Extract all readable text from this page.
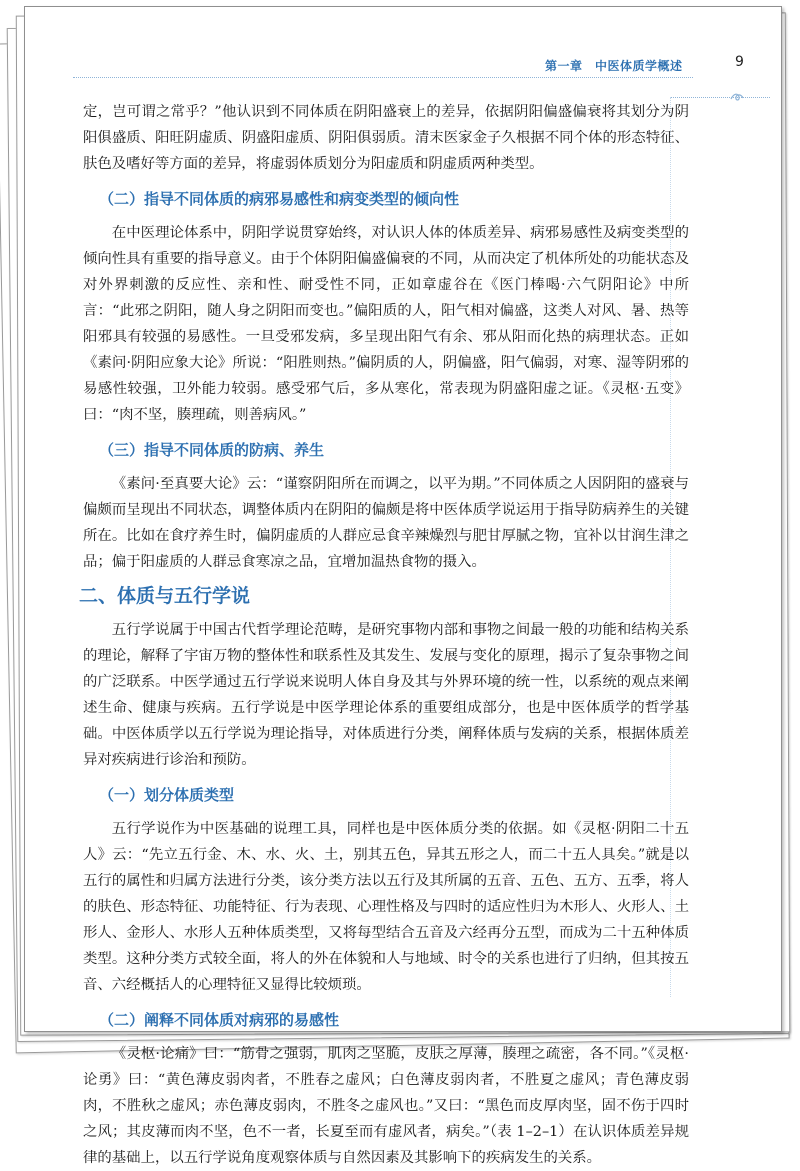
第一章　中医体质学概述	9

定，岂可谓之常乎？”他认识到不同体质在阴阳盛衰上的差异，依据阴阳偏盛偏衰将其划分为阴阳俱盛质、阳旺阴虚质、阴盛阳虚质、阴阳俱弱质。清末医家金子久根据不同个体的形态特征、肤色及嗜好等方面的差异，将虚弱体质划分为阳虚质和阴虚质两种类型。

（二）指导不同体质的病邪易感性和病变类型的倾向性

在中医理论体系中，阴阳学说贯穿始终，对认识人体的体质差异、病邪易感性及病变类型的倾向性具有重要的指导意义。由于个体阴阳偏盛偏衰的不同，从而决定了机体所处的功能状态及对外界刺激的反应性、亲和性、耐受性不同，正如章虚谷在《医门棒喝·六气阴阳论》中所言：“此邪之阴阳，随人身之阴阳而变也。”偏阳质的人，阳气相对偏盛，这类人对风、暑、热等阳邪具有较强的易感性。一旦受邪发病，多呈现出阳气有余、邪从阳而化热的病理状态。正如《素问·阴阳应象大论》所说：“阳胜则热。”偏阴质的人，阴偏盛，阳气偏弱，对寒、湿等阴邪的易感性较强，卫外能力较弱。感受邪气后，多从寒化，常表现为阴盛阳虚之证。《灵枢·五变》曰：“肉不坚，腠理疏，则善病风。”

（三）指导不同体质的防病、养生

《素问·至真要大论》云：“谨察阴阳所在而调之，以平为期。”不同体质之人因阴阳的盛衰与偏颇而呈现出不同状态，调整体质内在阴阳的偏颇是将中医体质学说运用于指导防病养生的关键所在。比如在食疗养生时，偏阴虚质的人群应忌食辛辣燥烈与肥甘厚腻之物，宜补以甘润生津之品；偏于阳虚质的人群忌食寒凉之品，宜增加温热食物的摄入。

二、体质与五行学说

五行学说属于中国古代哲学理论范畴，是研究事物内部和事物之间最一般的功能和结构关系的理论，解释了宇宙万物的整体性和联系性及其发生、发展与变化的原理，揭示了复杂事物之间的广泛联系。中医学通过五行学说来说明人体自身及其与外界环境的统一性，以系统的观点来阐述生命、健康与疾病。五行学说是中医学理论体系的重要组成部分，也是中医体质学的哲学基础。中医体质学以五行学说为理论指导，对体质进行分类，阐释体质与发病的关系，根据体质差异对疾病进行诊治和预防。

（一）划分体质类型

五行学说作为中医基础的说理工具，同样也是中医体质分类的依据。如《灵枢·阴阳二十五人》云：“先立五行金、木、水、火、土，别其五色，异其五形之人，而二十五人具矣。”就是以五行的属性和归属方法进行分类，该分类方法以五行及其所属的五音、五色、五方、五季，将人的肤色、形态特征、功能特征、行为表现、心理性格及与四时的适应性归为木形人、火形人、土形人、金形人、水形人五种体质类型，又将每型结合五音及六经再分五型，而成为二十五种体质类型。这种分类方式较全面，将人的外在体貌和人与地域、时令的关系也进行了归纳，但其按五音、六经概括人的心理特征又显得比较烦琐。

（二）阐释不同体质对病邪的易感性

《灵枢·论痛》曰：“筋骨之强弱，肌肉之坚脆，皮肤之厚薄，腠理之疏密，各不同。”《灵枢·论勇》曰：“黄色薄皮弱肉者，不胜春之虚风；白色薄皮弱肉者，不胜夏之虚风；青色薄皮弱肉，不胜秋之虚风；赤色薄皮弱肉，不胜冬之虚风也。”又曰：“黑色而皮厚肉坚，固不伤于四时之风；其皮薄而肉不坚，色不一者，长夏至而有虚风者，病矣。”（表 1–2–1）在认识体质差异规律的基础上，以五行学说角度观察体质与自然因素及其影响下的疾病发生的关系。
